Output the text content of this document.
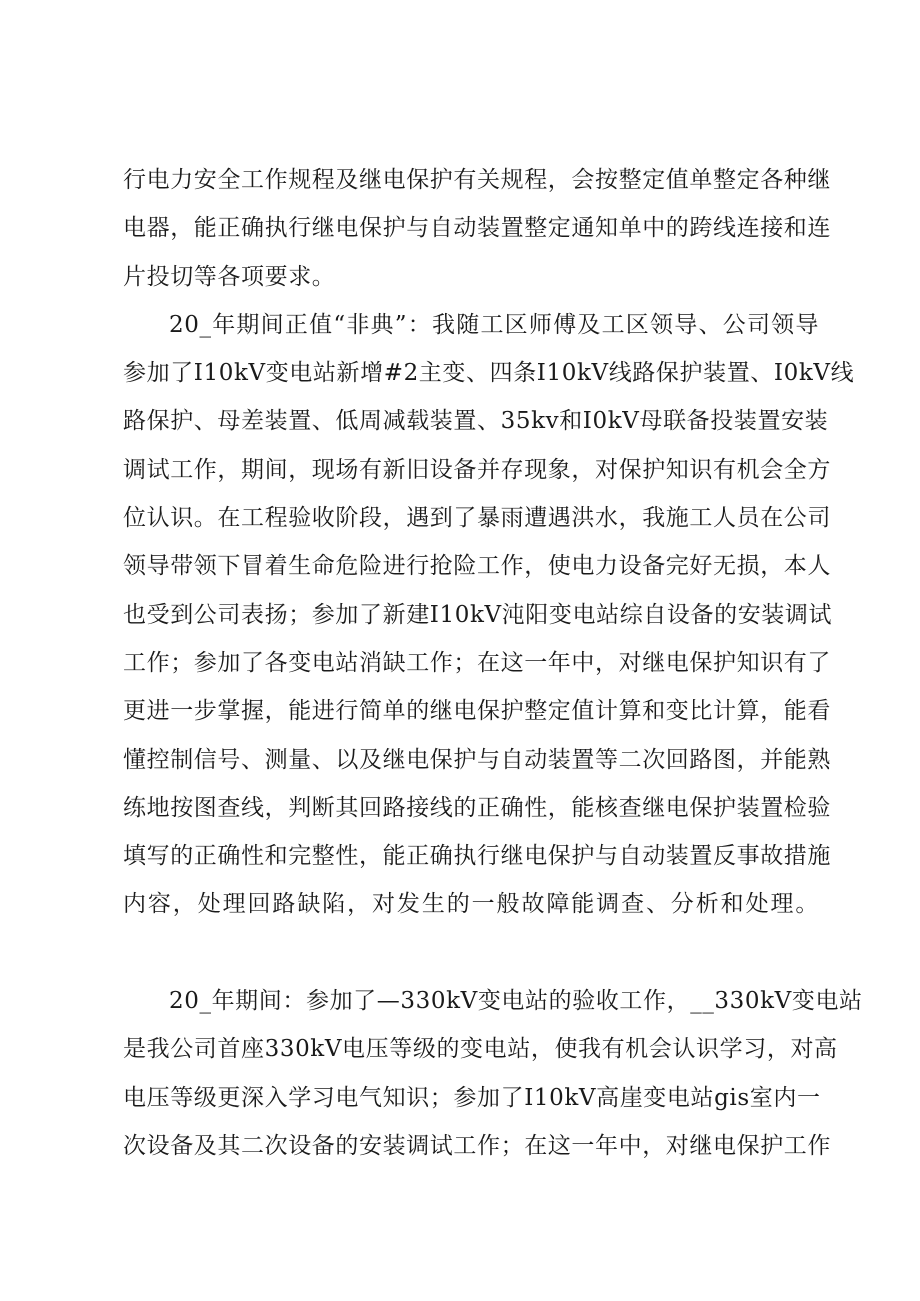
行电力安全工作规程及继电保护有关规程，会按整定值单整定各种继
电器，能正确执行继电保护与自动装置整定通知单中的跨线连接和连
片投切等各项要求。
20_年期间正值“非典”：我随工区师傅及工区领导、公司领导
参加了I10kV变电站新增#2主变、四条I10kV线路保护装置、I0kV线
路保护、母差装置、低周减载装置、35kv和I0kV母联备投装置安装
调试工作，期间，现场有新旧设备并存现象，对保护知识有机会全方
位认识。在工程验收阶段，遇到了暴雨遭遇洪水，我施工人员在公司
领导带领下冒着生命危险进行抢险工作，使电力设备完好无损，本人
也受到公司表扬；参加了新建I10kV沌阳变电站综自设备的安装调试
工作；参加了各变电站消缺工作；在这一年中，对继电保护知识有了
更进一步掌握，能进行简单的继电保护整定值计算和变比计算，能看
懂控制信号、测量、以及继电保护与自动装置等二次回路图，并能熟
练地按图查线，判断其回路接线的正确性，能核查继电保护装置检验
填写的正确性和完整性，能正确执行继电保护与自动装置反事故措施
内容，处理回路缺陷，对发生的一般故障能调查、分析和处理。
20_年期间：参加了—330kV变电站的验收工作，__330kV变电站
是我公司首座330kV电压等级的变电站，使我有机会认识学习，对高
电压等级更深入学习电气知识；参加了I10kV高崖变电站gis室内一
次设备及其二次设备的安装调试工作；在这一年中，对继电保护工作
